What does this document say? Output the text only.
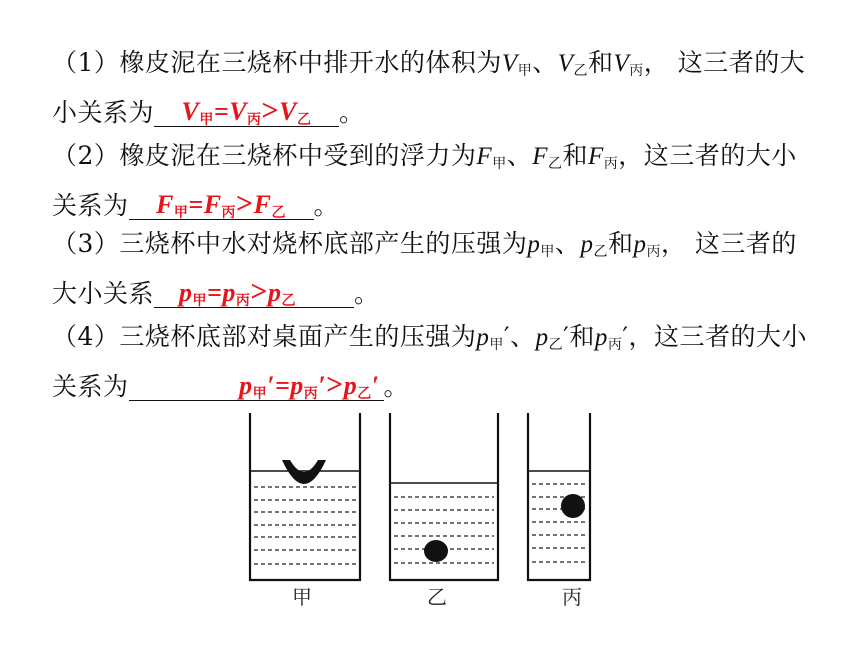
（1）橡皮泥在三烧杯中排开水的体积为$V_甲$、$V_乙$和$V_丙$， 这三者的大小关系为	$V_甲=V_丙>V_乙$	。
（2）橡皮泥在三烧杯中受到的浮力为$F_甲$、$F_乙$和$F_丙$，这三者的大小关系为	$F_甲=F_丙>F_乙$	。
（3）三烧杯中水对烧杯底部产生的压强为$p_甲$、$p_乙$和$p_丙$， 这三者的大小关系 $p_甲=p_丙>p_乙$	。
（4）三烧杯底部对桌面产生的压强为$p_甲'$、$p_乙'$和$p_丙'$，这三者的大小关系为	$p_甲'=p_丙'>p_乙'$ 。
甲	乙	丙
